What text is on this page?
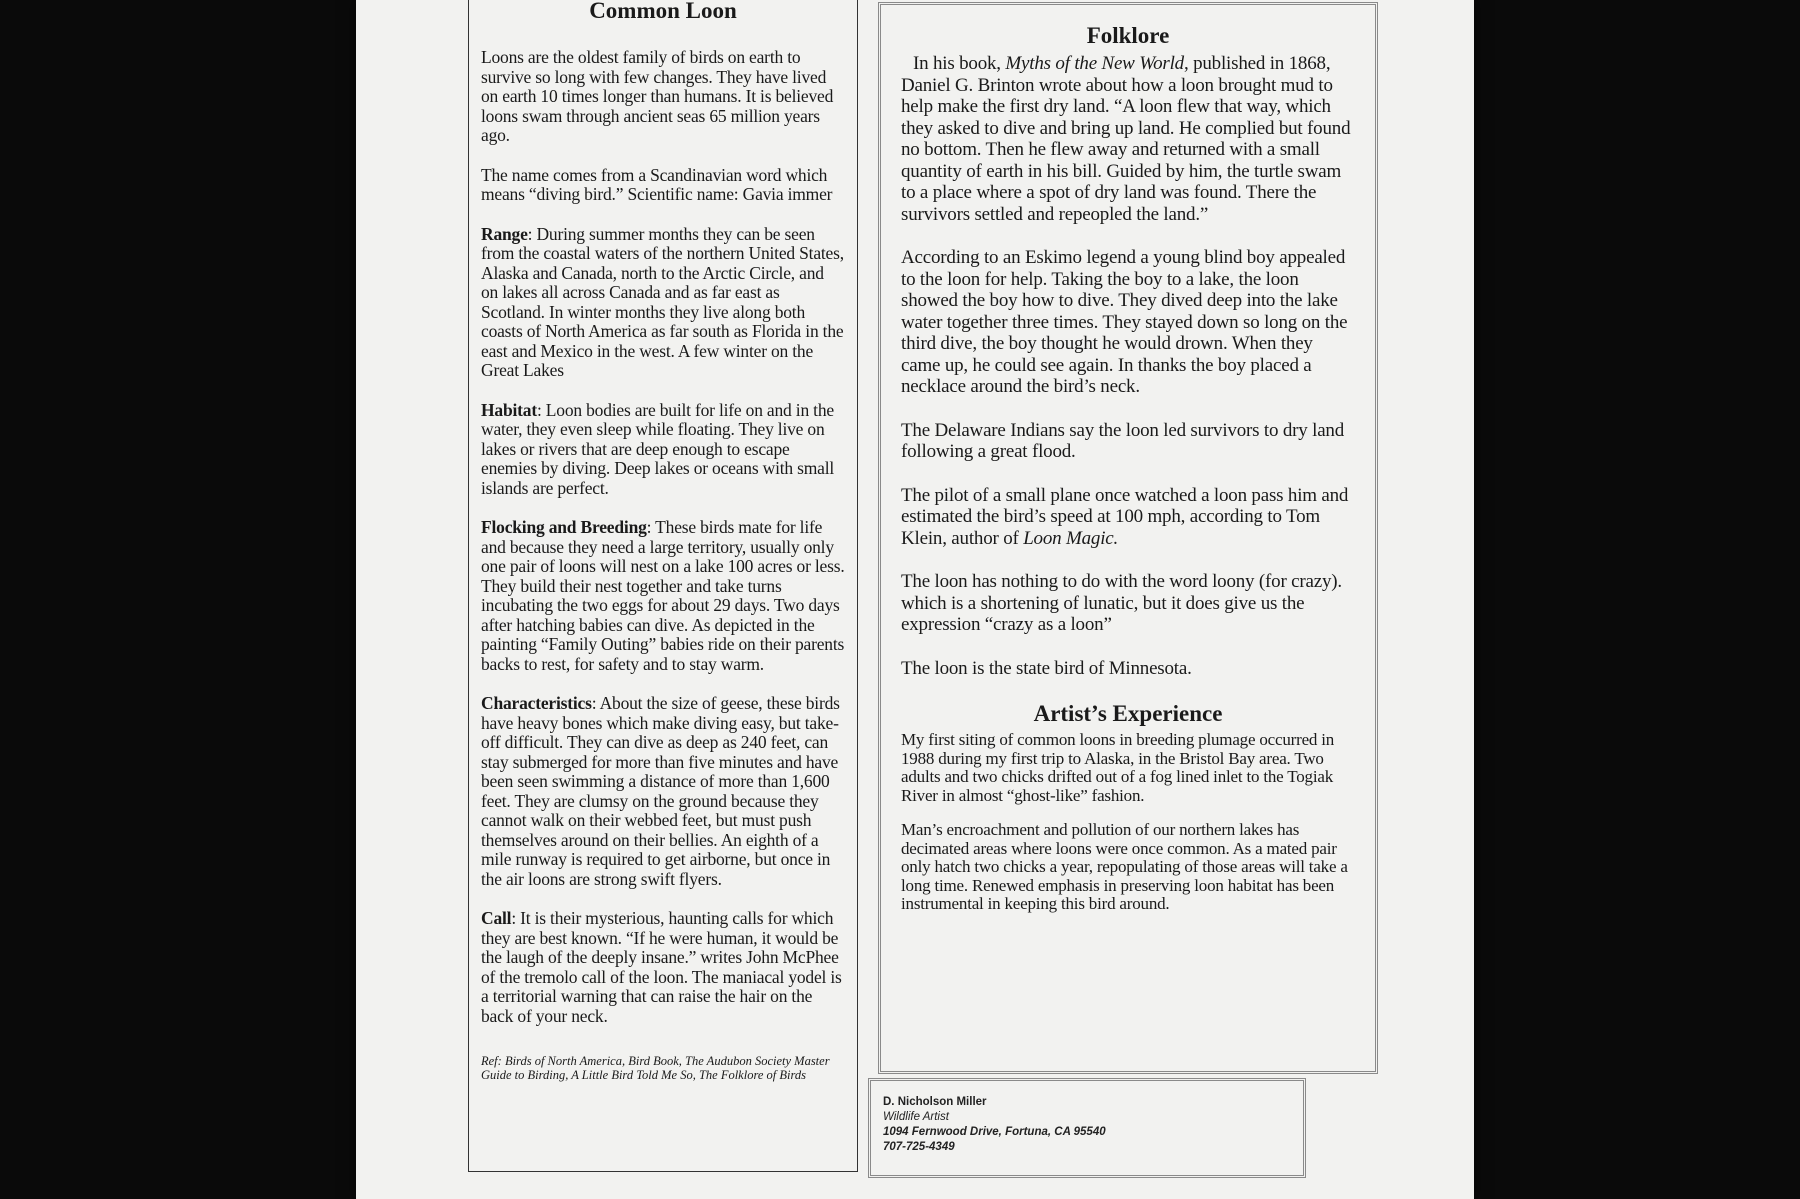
Common Loon

Loons are the oldest family of birds on earth to survive so long with few changes. They have lived on earth 10 times longer than humans. It is believed loons swam through ancient seas 65 million years ago.

The name comes from a Scandinavian word which means “diving bird.” Scientific name: Gavia immer

Range: During summer months they can be seen from the coastal waters of the northern United States, Alaska and Canada, north to the Arctic Circle, and on lakes all across Canada and as far east as Scotland. In winter months they live along both coasts of North America as far south as Florida in the east and Mexico in the west. A few winter on the Great Lakes

Habitat: Loon bodies are built for life on and in the water, they even sleep while floating. They live on lakes or rivers that are deep enough to escape enemies by diving. Deep lakes or oceans with small islands are perfect.

Flocking and Breeding: These birds mate for life and because they need a large territory, usually only one pair of loons will nest on a lake 100 acres or less. They build their nest together and take turns incubating the two eggs for about 29 days. Two days after hatching babies can dive. As depicted in the painting “Family Outing” babies ride on their parents backs to rest, for safety and to stay warm.

Characteristics: About the size of geese, these birds have heavy bones which make diving easy, but take-off difficult. They can dive as deep as 240 feet, can stay submerged for more than five minutes and have been seen swimming a distance of more than 1,600 feet. They are clumsy on the ground because they cannot walk on their webbed feet, but must push themselves around on their bellies. An eighth of a mile runway is required to get airborne, but once in the air loons are strong swift flyers.

Call: It is their mysterious, haunting calls for which they are best known. “If he were human, it would be the laugh of the deeply insane.” writes John McPhee of the tremolo call of the loon. The maniacal yodel is a territorial warning that can raise the hair on the back of your neck.

Ref: Birds of North America, Bird Book, The Audubon Society Master Guide to Birding, A Little Bird Told Me So, The Folklore of Birds
Folklore

In his book, Myths of the New World, published in 1868, Daniel G. Brinton wrote about how a loon brought mud to help make the first dry land. “A loon flew that way, which they asked to dive and bring up land. He complied but found no bottom. Then he flew away and returned with a small quantity of earth in his bill. Guided by him, the turtle swam to a place where a spot of dry land was found. There the survivors settled and repeopled the land.”

According to an Eskimo legend a young blind boy appealed to the loon for help. Taking the boy to a lake, the loon showed the boy how to dive. They dived deep into the lake water together three times. They stayed down so long on the third dive, the boy thought he would drown. When they came up, he could see again. In thanks the boy placed a necklace around the bird’s neck.

The Delaware Indians say the loon led survivors to dry land following a great flood.

The pilot of a small plane once watched a loon pass him and estimated the bird’s speed at 100 mph, according to Tom Klein, author of Loon Magic.

The loon has nothing to do with the word loony (for crazy). which is a shortening of lunatic, but it does give us the expression “crazy as a loon”

The loon is the state bird of Minnesota.

Artist’s Experience

My first siting of common loons in breeding plumage occurred in 1988 during my first trip to Alaska, in the Bristol Bay area. Two adults and two chicks drifted out of a fog lined inlet to the Togiak River in almost “ghost-like” fashion.

Man’s encroachment and pollution of our northern lakes has decimated areas where loons were once common. As a mated pair only hatch two chicks a year, repopulating of those areas will take a long time. Renewed emphasis in preserving loon habitat has been instrumental in keeping this bird around.

D. Nicholson Miller
Wildlife Artist
1094 Fernwood Drive, Fortuna, CA 95540
707-725-4349
